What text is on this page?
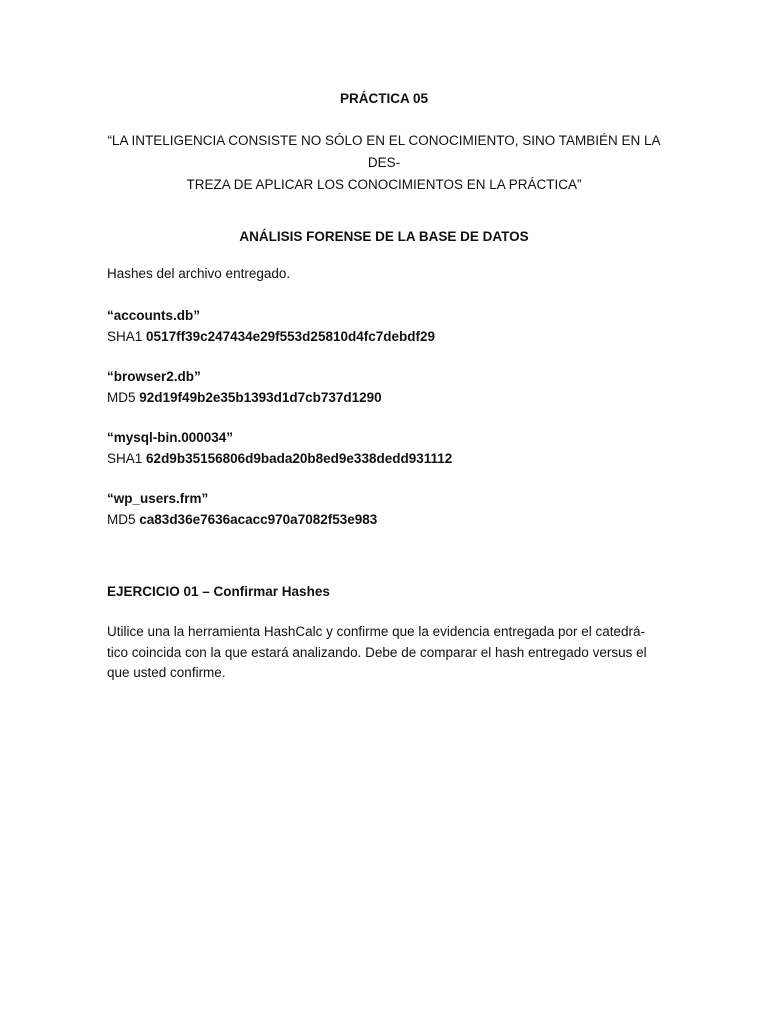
PRÁCTICA 05
“LA INTELIGENCIA CONSISTE NO SÓLO EN EL CONOCIMIENTO, SINO TAMBIÉN EN LA DES-
TREZA DE APLICAR LOS CONOCIMIENTOS EN LA PRÁCTICA”
ANÁLISIS FORENSE DE LA BASE DE DATOS
Hashes del archivo entregado.
“accounts.db”
SHA1 0517ff39c247434e29f553d25810d4fc7debdf29
“browser2.db”
MD5 92d19f49b2e35b1393d1d7cb737d1290
“mysql-bin.000034”
SHA1 62d9b35156806d9bada20b8ed9e338dedd931112
“wp_users.frm”
MD5 ca83d36e7636acacc970a7082f53e983
EJERCICIO 01 – Confirmar Hashes
Utilice una la herramienta HashCalc y confirme que la evidencia entregada por el catedrá-
tico coincida con la que estará analizando. Debe de comparar el hash entregado versus el
que usted confirme.
